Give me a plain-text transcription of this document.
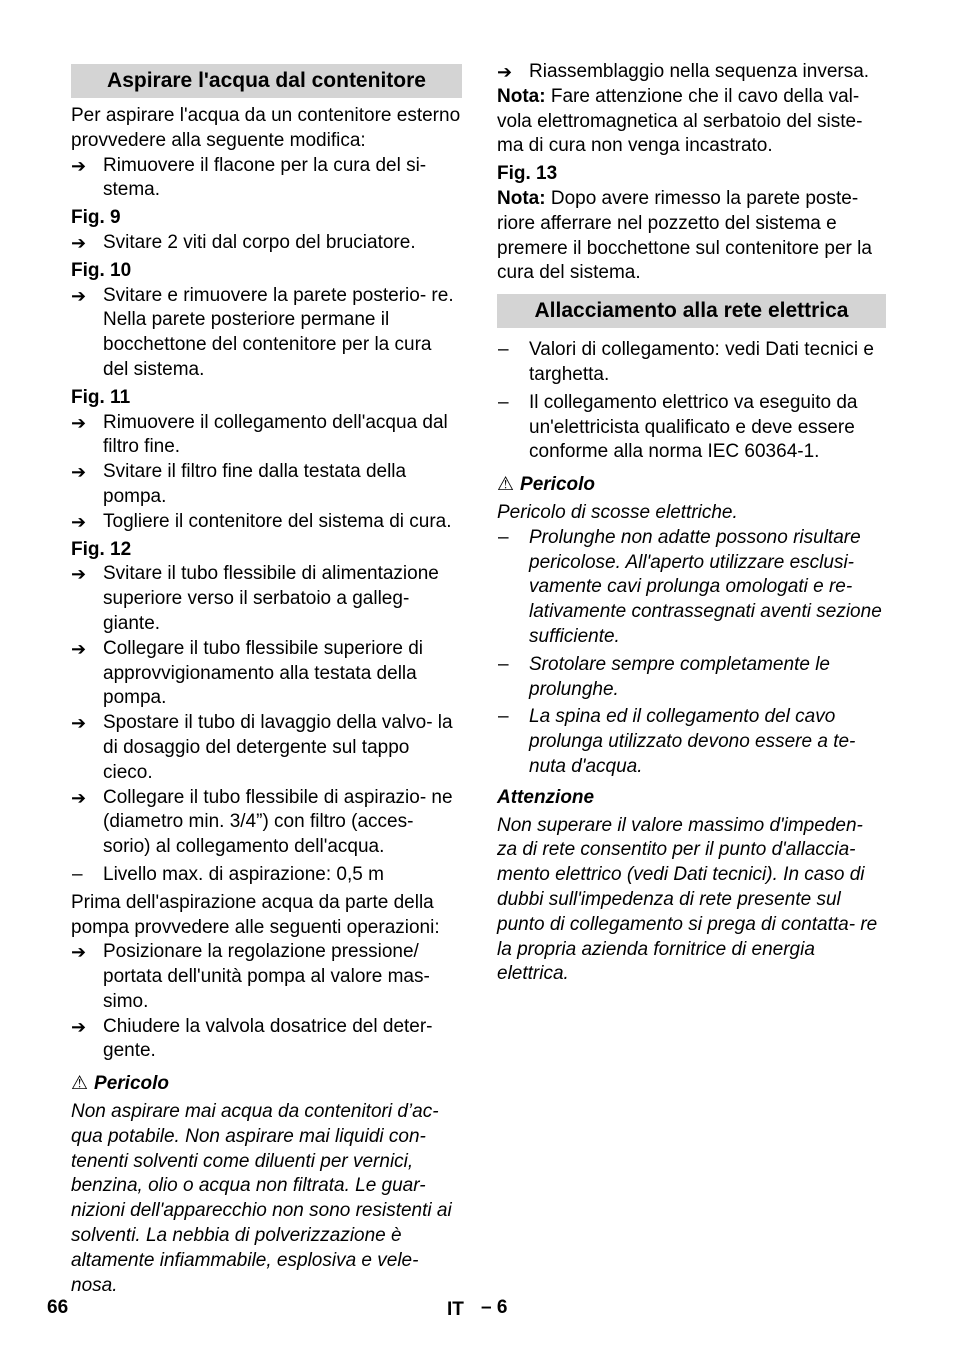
Aspirare l'acqua dal contenitore

Per aspirare l'acqua da un contenitore esterno provvedere alla seguente modifica:

➔ Rimuovere il flacone per la cura del si- stema.

Fig. 9

➔ Svitare 2 viti dal corpo del bruciatore.

Fig. 10

➔ Svitare e rimuovere la parete posterio- re. Nella parete posteriore permane il bocchettone del contenitore per la cura del sistema.

Fig. 11

➔ Rimuovere il collegamento dell'acqua dal filtro fine.
➔ Svitare il filtro fine dalla testata della pompa.
➔ Togliere il contenitore del sistema di cura.

Fig. 12

➔ Svitare il tubo flessibile di alimentazione superiore verso il serbatoio a galleg- giante.
➔ Collegare il tubo flessibile superiore di approvvigionamento alla testata della pompa.
➔ Spostare il tubo di lavaggio della valvo- la di dosaggio del detergente sul tappo cieco.
➔ Collegare il tubo flessibile di aspirazio- ne (diametro min. 3/4”) con filtro (acces- sorio) al collegamento dell'acqua.
–	Livello max. di aspirazione: 0,5 m

Prima dell'aspirazione acqua da parte della pompa provvedere alle seguenti operazioni:

➔ Posizionare la regolazione pressione/ portata dell'unità pompa al valore mas- simo.
➔ Chiudere la valvola dosatrice del deter- gente.
⚠ Pericolo

Non aspirare mai acqua da contenitori d’ac- qua potabile. Non aspirare mai liquidi con- tenenti solventi come diluenti per vernici, benzina, olio o acqua non filtrata. Le guar- nizioni dell'apparecchio non sono resistenti ai solventi. La nebbia di polverizzazione è altamente infiammabile, esplosiva e vele- nosa.

➔ Riassemblaggio nella sequenza inversa.

Nota: Fare attenzione che il cavo della val- vola elettromagnetica al serbatoio del siste- ma di cura non venga incastrato.

Fig. 13

Nota: Dopo avere rimesso la parete poste- riore afferrare nel pozzetto del sistema e premere il bocchettone sul contenitore per la cura del sistema.

Allacciamento alla rete elettrica
–	Valori di collegamento: vedi Dati tecnici e targhetta.
–	Il collegamento elettrico va eseguito da un'elettricista qualificato e deve essere conforme alla norma IEC 60364-1.
⚠ Pericolo

Pericolo di scosse elettriche.

–	Prolunghe non adatte possono risultare pericolose. All'aperto utilizzare esclusi- vamente cavi prolunga omologati e re- lativamente contrassegnati aventi sezione sufficiente.
–	Srotolare sempre completamente le prolunghe.
–	La spina ed il collegamento del cavo prolunga utilizzato devono essere a te- nuta d'acqua.
Attenzione

Non superare il valore massimo d'impeden- za di rete consentito per il punto d'allaccia- mento elettrico (vedi Dati tecnici). In caso di dubbi sull'impedenza di rete presente sul punto di collegamento si prega di contatta- re la propria azienda fornitrice di energia elettrica.

66	IT – 6
